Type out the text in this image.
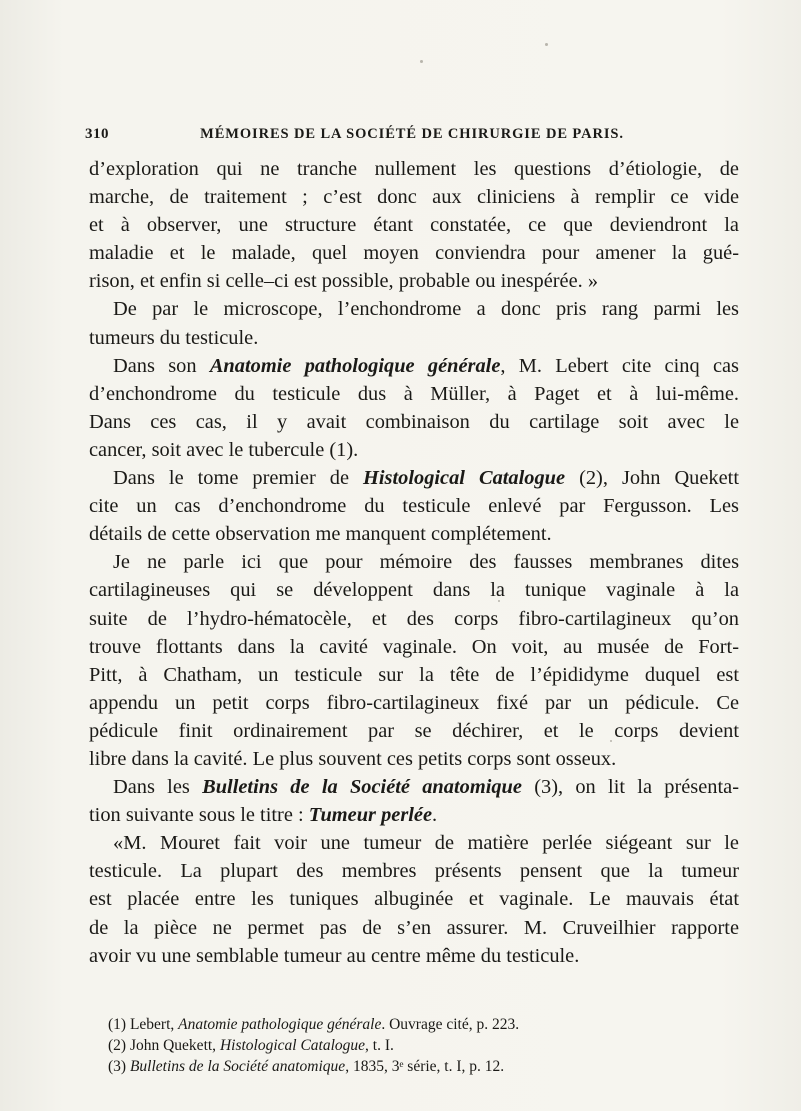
310	MÉMOIRES DE LA SOCIÉTÉ DE CHIRURGIE DE PARIS.
d’exploration qui ne tranche nullement les questions d’étiologie, de
marche, de traitement ; c’est donc aux cliniciens à remplir ce vide
et à observer, une structure étant constatée, ce que deviendront la
maladie et le malade, quel moyen conviendra pour amener la gué-
rison, et enfin si celle–ci est possible, probable ou inespérée. »
De par le microscope, l’enchondrome a donc pris rang parmi les
tumeurs du testicule.
Dans son Anatomie pathologique générale, M. Lebert cite cinq cas
d’enchondrome du testicule dus à Müller, à Paget et à lui-même.
Dans ces cas, il y avait combinaison du cartilage soit avec le
cancer, soit avec le tubercule (1).
Dans le tome premier de Histological Catalogue (2), John Quekett
cite un cas d’enchondrome du testicule enlevé par Fergusson. Les
détails de cette observation me manquent complétement.
Je ne parle ici que pour mémoire des fausses membranes dites
cartilagineuses qui se développent dans la tunique vaginale à la
suite de l’hydro-hématocèle, et des corps fibro-cartilagineux qu’on
trouve flottants dans la cavité vaginale. On voit, au musée de Fort-
Pitt, à Chatham, un testicule sur la tête de l’épididyme duquel est
appendu un petit corps fibro-cartilagineux fixé par un pédicule. Ce
pédicule finit ordinairement par se déchirer, et le corps devient
libre dans la cavité. Le plus souvent ces petits corps sont osseux.
Dans les Bulletins de la Société anatomique (3), on lit la présenta-
tion suivante sous le titre : Tumeur perlée.
«M. Mouret fait voir une tumeur de matière perlée siégeant sur le
testicule. La plupart des membres présents pensent que la tumeur
est placée entre les tuniques albuginée et vaginale. Le mauvais état
de la pièce ne permet pas de s’en assurer. M. Cruveilhier rapporte
avoir vu une semblable tumeur au centre même du testicule.
(1) Lebert, Anatomie pathologique générale. Ouvrage cité, p. 223.
(2) John Quekett, Histological Catalogue, t. I.
(3) Bulletins de la Société anatomique, 1835, 3ᵉ série, t. I, p. 12.
